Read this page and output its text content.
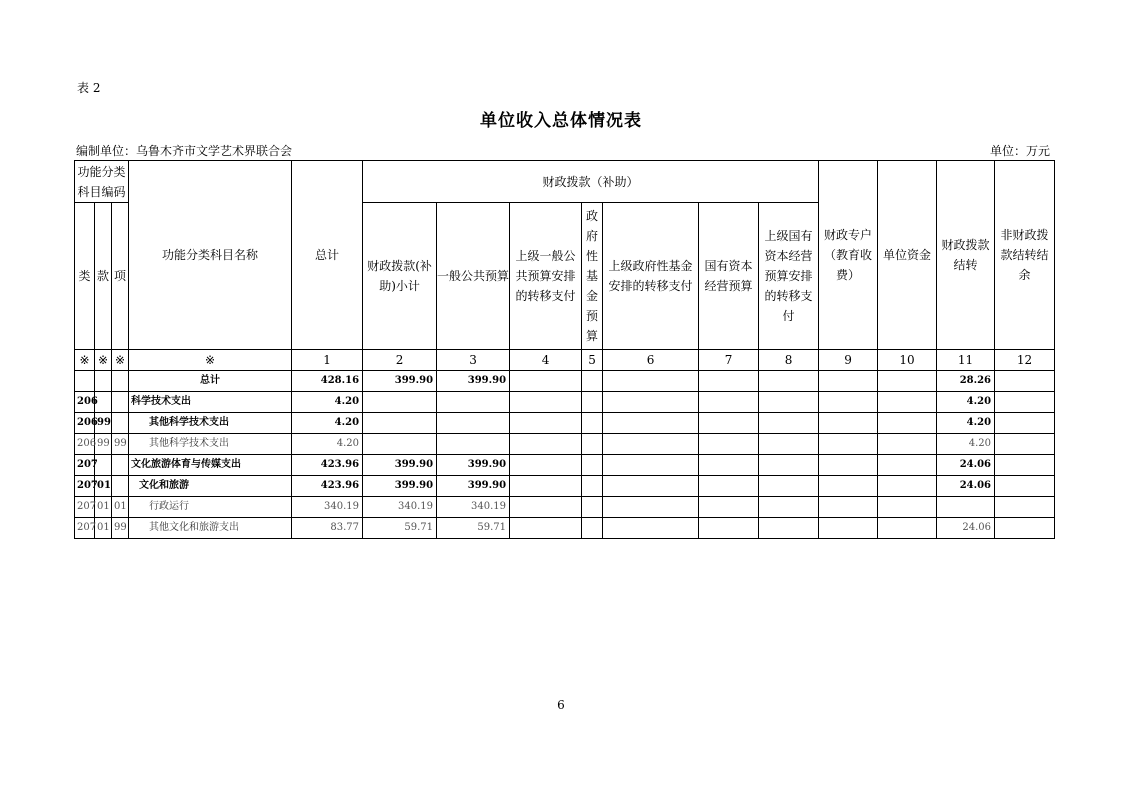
表 2
单位收入总体情况表
编制单位：乌鲁木齐市文学艺术界联合会	单位：万元
功能分类科目编码			功能分类科目名称	总计	财政拨款（补助）							财政专户（教育收费）	单位资金	财政拨款结转	非财政拨款结转结余
类	款	项			财政拨款(补助)小计	一般公共预算	上级一般公共预算安排的转移支付	政府性基金预算	上级政府性基金安排的转移支付	国有资本经营预算	上级国有资本经营预算安排的转移支付				
※	※	※	※	1	2	3	4	5	6	7	8	9	10	11	12
			总计	428.16	399.90	399.90								28.26	
206			科学技术支出	4.20										4.20	
206	99		其他科学技术支出	4.20										4.20	
206	99	99	其他科学技术支出	4.20										4.20	
207			文化旅游体育与传媒支出	423.96	399.90	399.90								24.06	
207	01		文化和旅游	423.96	399.90	399.90								24.06	
207	01	01	行政运行	340.19	340.19	340.19									
207	01	99	其他文化和旅游支出	83.77	59.71	59.71								24.06	
6
